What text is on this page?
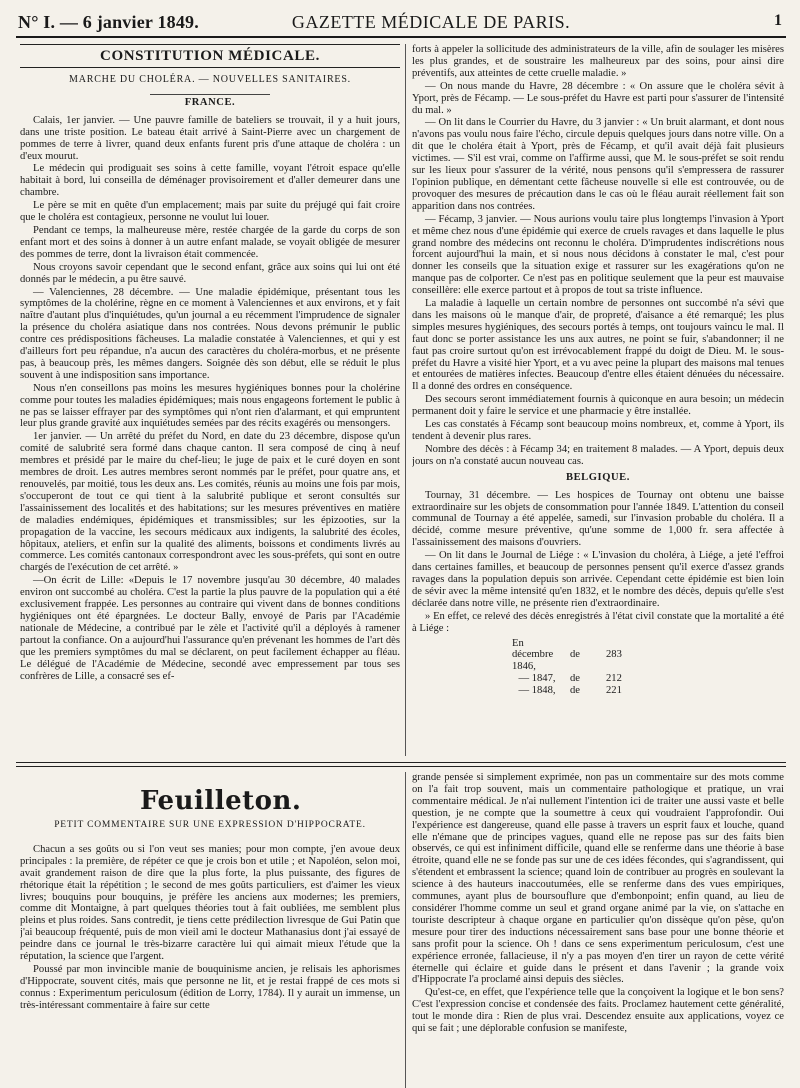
N° I. — 6 janvier 1849.	GAZETTE MÉDICALE DE PARIS.	1
CONSTITUTION MÉDICALE.
MARCHE DU CHOLÉRA. — NOUVELLES SANITAIRES.
FRANCE.

Calais, 1er janvier. — Une pauvre famille de bateliers se trouvait, il y a huit jours, dans une triste position. Le bateau était arrivé à Saint-Pierre avec un chargement de pommes de terre à livrer, quand deux enfants furent pris d'une attaque de choléra : un d'eux mourut.

Le médecin qui prodiguait ses soins à cette famille, voyant l'étroit espace qu'elle habitait à bord, lui conseilla de déménager provisoirement et d'aller demeurer dans une chambre.

Le père se mit en quête d'un emplacement; mais par suite du préjugé qui fait croire que le choléra est contagieux, personne ne voulut lui louer.

Pendant ce temps, la malheureuse mère, restée chargée de la garde du corps de son enfant mort et des soins à donner à un autre enfant malade, se voyait obligée de mesurer des pommes de terre, dont la livraison était commencée.

Nous croyons savoir cependant que le second enfant, grâce aux soins qui lui ont été donnés par le médecin, a pu être sauvé.

— Valenciennes, 28 décembre. — Une maladie épidémique, présentant tous les symptômes de la cholérine, règne en ce moment à Valenciennes et aux environs, et y fait naître d'autant plus d'inquiétudes, qu'un journal a eu récemment l'imprudence de signaler la présence du choléra asiatique dans nos contrées. Nous devons prémunir le public contre ces prédispositions fâcheuses. La maladie constatée à Valenciennes, et qui y est d'ailleurs fort peu répandue, n'a aucun des caractères du choléra-morbus, et ne présente pas, à beaucoup près, les mêmes dangers. Soignée dès son début, elle se réduit le plus souvent à une indisposition sans importance.

Nous n'en conseillons pas moins les mesures hygiéniques bonnes pour la cholérine comme pour toutes les maladies épidémiques; mais nous engageons fortement le public à ne pas se laisser effrayer par des symptômes qui n'ont rien d'alarmant, et qui empruntent leur plus grande gravité aux inquiétudes semées par des récits exagérés ou mensongers.

1er janvier. — Un arrêté du préfet du Nord, en date du 23 décembre, dispose qu'un comité de salubrité sera formé dans chaque canton. Il sera composé de cinq à neuf membres et présidé par le maire du chef-lieu; le juge de paix et le curé doyen en sont membres de droit. Les autres membres seront nommés par le préfet, pour quatre ans, et renouvelés, par moitié, tous les deux ans. Les comités, réunis au moins une fois par mois, s'occuperont de tout ce qui tient à la salubrité publique et seront consultés sur l'assainissement des localités et des habitations; sur les mesures préventives en matière de maladies endémiques, épidémiques et transmissibles; sur les épizooties, sur la propagation de la vaccine, les secours médicaux aux indigents, la salubrité des écoles, hôpitaux, ateliers, et enfin sur la qualité des aliments, boissons et condiments livrés au commerce. Les comités cantonaux correspondront avec les sous-préfets, qui sont en outre chargés de l'exécution de cet arrêté. »

—On écrit de Lille: «Depuis le 17 novembre jusqu'au 30 décembre, 40 malades environ ont succombé au choléra. C'est la partie la plus pauvre de la population qui a été exclusivement frappée. Les personnes au contraire qui vivent dans de bonnes conditions hygiéniques ont été épargnées. Le docteur Bally, envoyé de Paris par l'Académie nationale de Médecine, a contribué par le zèle et l'activité qu'il a déployés à ramener partout la confiance. On a aujourd'hui l'assurance qu'en prévenant les hommes de l'art dès que les premiers symptômes du mal se déclarent, on peut facilement échapper au fléau. Le délégué de l'Académie de Médecine, secondé avec empressement par tous ses confrères de Lille, a consacré ses ef-

forts à appeler la sollicitude des administrateurs de la ville, afin de soulager les misères les plus grandes, et de soustraire les malheureux par des soins, pour ainsi dire préventifs, aux atteintes de cette cruelle maladie. »

— On nous mande du Havre, 28 décembre : « On assure que le choléra sévit à Yport, près de Fécamp. — Le sous-préfet du Havre est parti pour s'assurer de l'intensité du mal. »

— On lit dans le Courrier du Havre, du 3 janvier : « Un bruit alarmant, et dont nous n'avons pas voulu nous faire l'écho, circule depuis quelques jours dans notre ville. On a dit que le choléra était à Yport, près de Fécamp, et qu'il avait déjà fait plusieurs victimes. — S'il est vrai, comme on l'affirme aussi, que M. le sous-préfet se soit rendu sur les lieux pour s'assurer de la vérité, nous pensons qu'il s'empressera de rassurer l'opinion publique, en démentant cette fâcheuse nouvelle si elle est controuvée, ou de provoquer des mesures de précaution dans le cas où le fléau aurait réellement fait son apparition dans nos contrées.

— Fécamp, 3 janvier. — Nous aurions voulu taire plus longtemps l'invasion à Yport et même chez nous d'une épidémie qui exerce de cruels ravages et dans laquelle le plus grand nombre des médecins ont reconnu le choléra. D'imprudentes indiscrétions nous forcent aujourd'hui la main, et si nous nous décidons à constater le mal, c'est pour donner les conseils que la situation exige et rassurer sur les exagérations qu'on ne manque pas de colporter. Ce n'est pas en politique seulement que la peur est mauvaise conseillère: elle exerce partout et à propos de tout sa triste influence.

La maladie à laquelle un certain nombre de personnes ont succombé n'a sévi que dans les maisons où le manque d'air, de propreté, d'aisance a été remarqué; les plus simples mesures hygiéniques, des secours portés à temps, ont toujours vaincu le mal. Il faut donc se porter assistance les uns aux autres, ne point se fuir, s'abandonner; il ne faut pas croire surtout qu'on est irrévocablement frappé du doigt de Dieu. M. le sous-préfet du Havre a visité hier Yport, et a vu avec peine la plupart des maisons mal tenues et entourées de matières infectes. Beaucoup d'entre elles étaient dénuées du nécessaire. Il a donné des ordres en conséquence.

Des secours seront immédiatement fournis à quiconque en aura besoin; un médecin permanent doit y faire le service et une pharmacie y être installée.

Les cas constatés à Fécamp sont beaucoup moins nombreux, et, comme à Yport, ils tendent à devenir plus rares.

Nombre des décès : à Fécamp 34; en traitement 8 malades. — A Yport, depuis deux jours on n'a constaté aucun nouveau cas.

BELGIQUE.

Tournay, 31 décembre. — Les hospices de Tournay ont obtenu une baisse extraordinaire sur les objets de consommation pour l'année 1849. L'attention du conseil communal de Tournay a été appelée, samedi, sur l'invasion probable du choléra. Il a décidé, comme mesure préventive, qu'une somme de 1,000 fr. sera affectée à l'assainissement des maisons d'ouvriers.

— On lit dans le Journal de Liége : « L'invasion du choléra, à Liége, a jeté l'effroi dans certaines familles, et beaucoup de personnes pensent qu'il exerce d'assez grands ravages dans la population depuis son arrivée. Cependant cette épidémie est bien loin de sévir avec la même intensité qu'en 1832, et le nombre des décès, depuis qu'elle s'est déclarée dans notre ville, ne présente rien d'extraordinaire.

» En effet, ce relevé des décès enregistrés à l'état civil constate que la mortalité a été à Liége :

En décembre 1846,	de	283
— 1847,	de	212
— 1848,	de	221
Feuilleton.
PETIT COMMENTAIRE SUR UNE EXPRESSION D'HIPPOCRATE.

Chacun a ses goûts ou si l'on veut ses manies; pour mon compte, j'en avoue deux principales : la première, de répéter ce que je crois bon et utile ; et Napoléon, selon moi, avait grandement raison de dire que la plus forte, la plus puissante, des figures de rhétorique était la répétition ; le second de mes goûts particuliers, est d'aimer les vieux livres; bouquins pour bouquins, je préfère les anciens aux modernes; les premiers, comme dit Montaigne, à part quelques théories tout à fait oubliées, me semblent plus pleins et plus roides. Sans contredit, je tiens cette prédilection livresque de Gui Patin que j'ai beaucoup fréquenté, puis de mon vieil ami le docteur Mathanasius dont j'ai essayé de peindre dans ce journal le très-bizarre caractère lui qui aimait mieux l'étude que la réputation, la science que l'argent.

Poussé par mon invincible manie de bouquinisme ancien, je relisais les aphorismes d'Hippocrate, souvent cités, mais que personne ne lit, et je restai frappé de ces mots si connus : Experimentum periculosum (édition de Lorry, 1784). Il y aurait un immense, un très-intéressant commentaire à faire sur cette

grande pensée si simplement exprimée, non pas un commentaire sur des mots comme on l'a fait trop souvent, mais un commentaire pathologique et pratique, un vrai commentaire médical. Je n'ai nullement l'intention ici de traiter une aussi vaste et belle question, je ne compte que la soumettre à ceux qui voudraient l'approfondir. Oui l'expérience est dangereuse, quand elle passe à travers un esprit faux et louche, quand elle n'émane que de principes vagues, quand elle ne repose pas sur des faits bien observés, ce qui est infiniment difficile, quand elle se renferme dans une théorie à base étroite, quand elle ne se fonde pas sur une de ces idées fécondes, qui s'agrandissent, qui s'étendent et embrassent la science; quand loin de contribuer au progrès en soulevant la science à des hauteurs inaccoutumées, elle se renferme dans des vues empiriques, communes, ayant plus de boursouflure que d'embonpoint; enfin quand, au lieu de considérer l'homme comme un seul et grand organe animé par la vie, on s'attache en touriste descripteur à chaque organe en particulier qu'on dissèque qu'on pèse, qu'on mesure pour tirer des inductions nécessairement sans base pour une bonne théorie et sans profit pour la science. Oh ! dans ce sens experimentum periculosum, c'est une expérience erronée, fallacieuse, il n'y a pas moyen d'en tirer un rayon de cette vérité éternelle qui éclaire et guide dans le présent et dans l'avenir ; la grande voix d'Hippocrate l'a proclamé ainsi depuis des siècles.

Qu'est-ce, en effet, que l'expérience telle que la conçoivent la logique et le bon sens? C'est l'expression concise et condensée des faits. Proclamez hautement cette généralité, tout le monde dira : Rien de plus vrai. Descendez ensuite aux applications, voyez ce qui se fait ; une déplorable confusion se manifeste,
